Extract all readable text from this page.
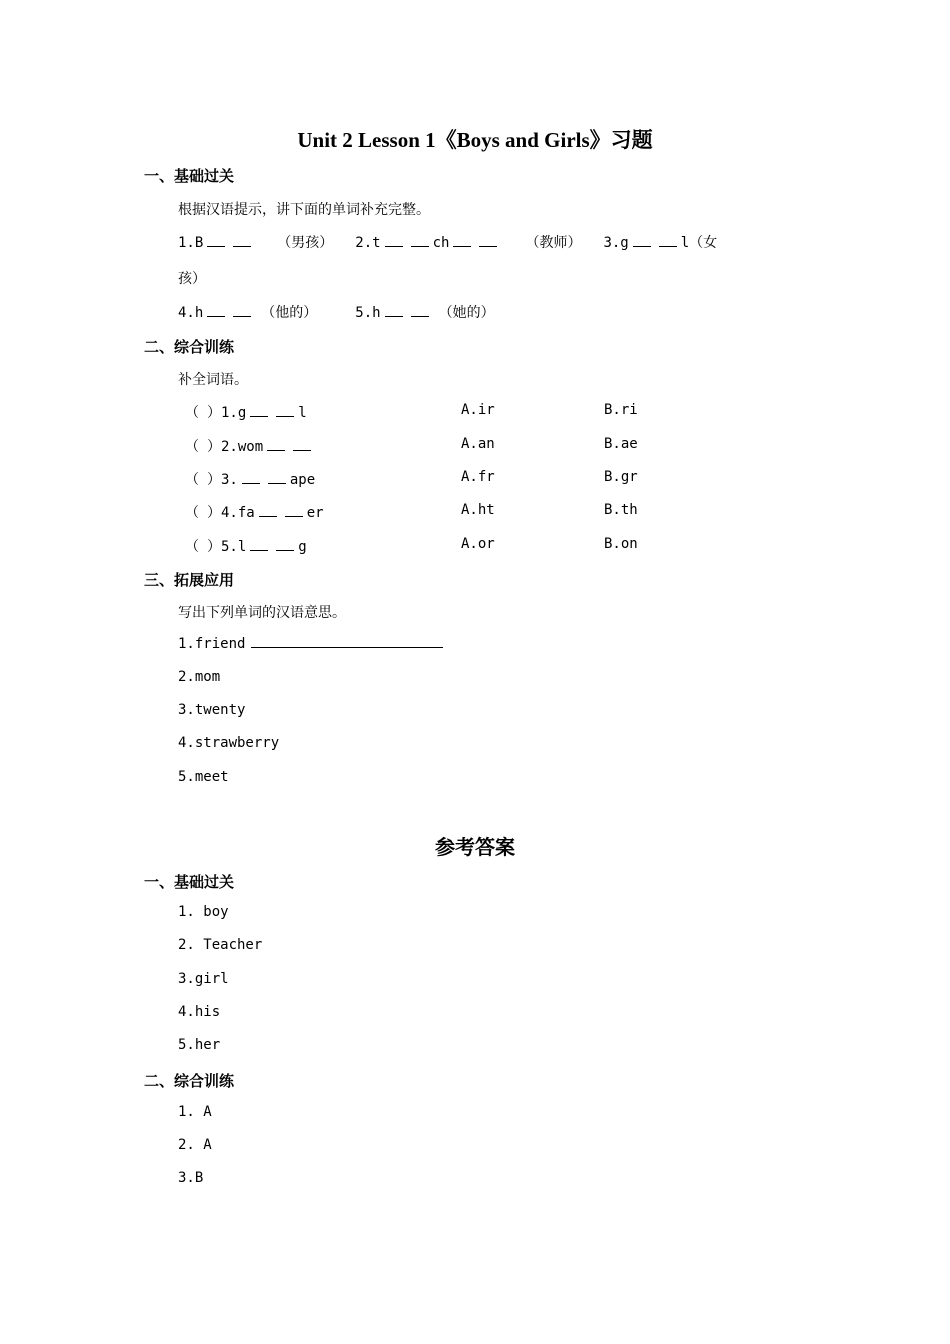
Unit 2 Lesson 1《Boys and Girls》习题
一、基础过关
根据汉语提示，讲下面的单词补充完整。
1.B	（男孩） 2.t	ch	（教师） 3.g	l（女
孩）
4.h	（他的）	5.h	（她的）
二、综合训练
补全词语。
（ ）1.g	l	A.ir	B.ri
（ ）2.wom	A.an	B.ae
（ ）3.	ape	A.fr	B.gr
（ ）4.fa	er	A.ht	B.th
（ ）5.l	g	A.or	B.on
三、拓展应用
写出下列单词的汉语意思。
1.friend
2.mom
3.twenty
4.strawberry
5.meet
参考答案
一、基础过关
1. boy
2. Teacher
3.girl
4.his
5.her
二、综合训练
1. A
2. A
3.B
